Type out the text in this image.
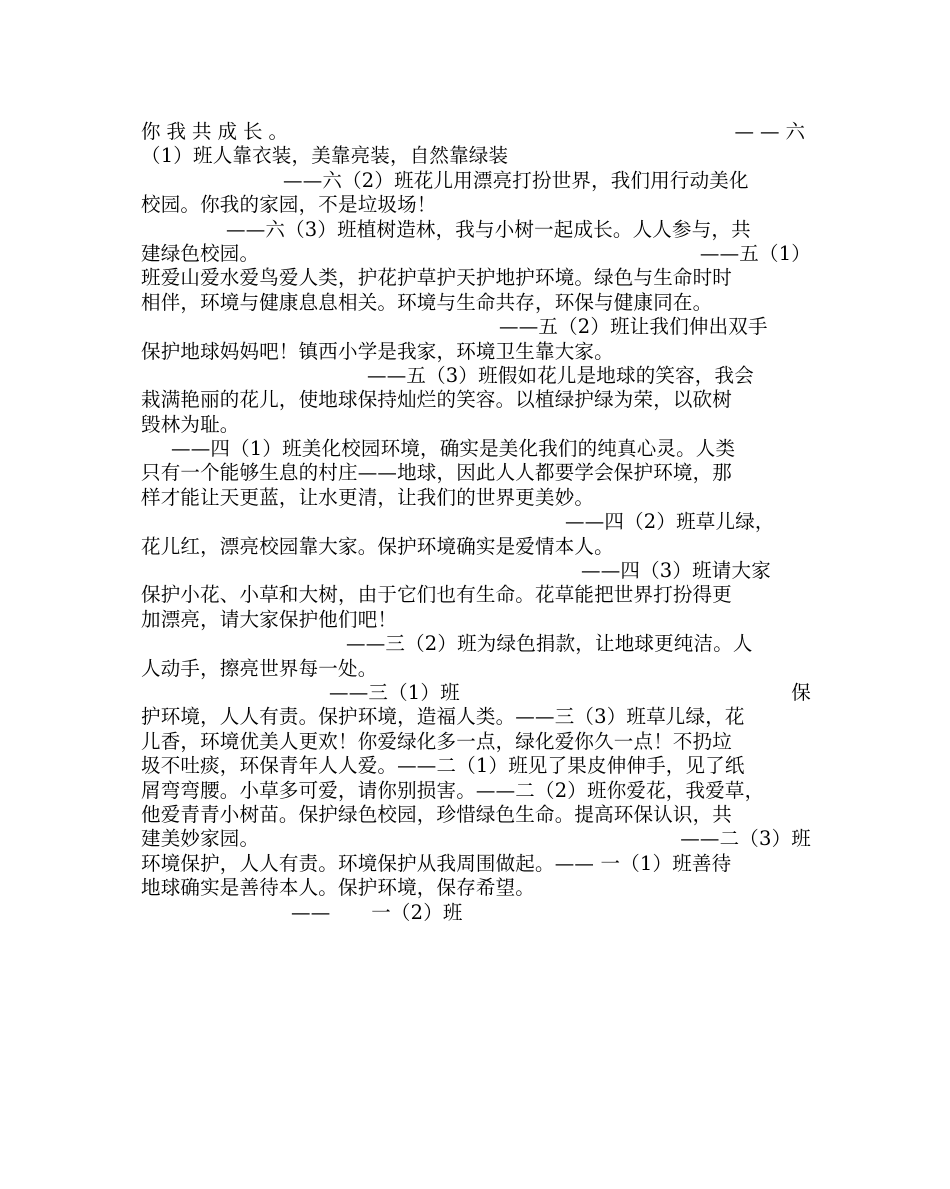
你我共成长。	——六
（1）班人靠衣装，美靠亮装，自然靠绿装
——六（2）班花儿用漂亮打扮世界，我们用行动美化
校园。你我的家园，不是垃圾场！
——六（3）班植树造林，我与小树一起成长。人人参与，共
建绿色校园。	——五（1）
班爱山爱水爱鸟爱人类，护花护草护天护地护环境。绿色与生命时时
相伴，环境与健康息息相关。环境与生命共存，环保与健康同在。
——五（2）班让我们伸出双手
保护地球妈妈吧！镇西小学是我家，环境卫生靠大家。
——五（3）班假如花儿是地球的笑容，我会
栽满艳丽的花儿，使地球保持灿烂的笑容。以植绿护绿为荣，以砍树
毁林为耻。
——四（1）班美化校园环境，确实是美化我们的纯真心灵。人类
只有一个能够生息的村庄——地球，因此人人都要学会保护环境，那
样才能让天更蓝，让水更清，让我们的世界更美妙。
——四（2）班草儿绿，
花儿红，漂亮校园靠大家。保护环境确实是爱情本人。
——四（3）班请大家
保护小花、小草和大树，由于它们也有生命。花草能把世界打扮得更
加漂亮，请大家保护他们吧！
——三（2）班为绿色捐款，让地球更纯洁。人
人动手，擦亮世界每一处。
——三（1）班	保
护环境，人人有责。保护环境，造福人类。——三（3）班草儿绿，花
儿香，环境优美人更欢！你爱绿化多一点，绿化爱你久一点！不扔垃
圾不吐痰，环保青年人人爱。——二（1）班见了果皮伸伸手，见了纸
屑弯弯腰。小草多可爱，请你别损害。——二（2）班你爱花，我爱草，
他爱青青小树苗。保护绿色校园，珍惜绿色生命。提高环保认识，共
建美妙家园。	——二（3）班
环境保护，人人有责。环境保护从我周围做起。—— 一（1）班善待
地球确实是善待本人。保护环境，保存希望。
—— 一（2）班
